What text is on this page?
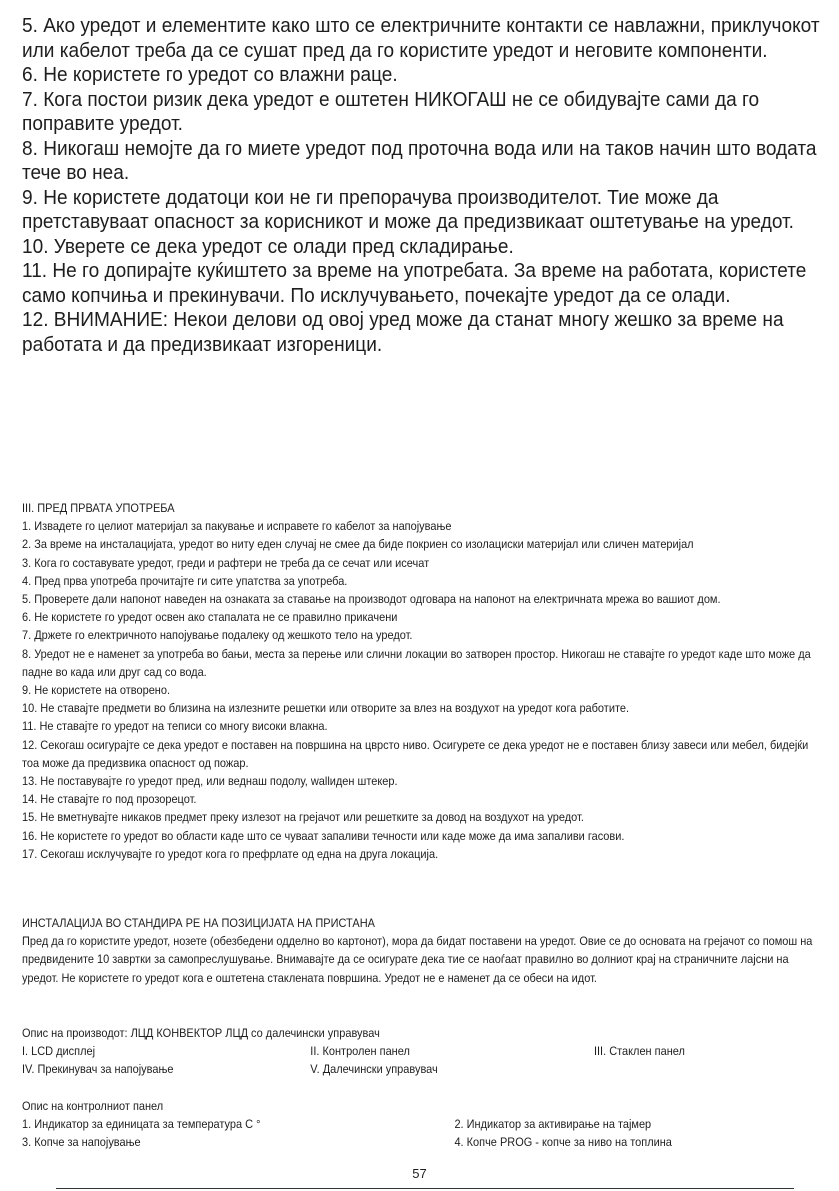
5. Ако уредот и елементите како што се електричните контакти се навлажни, приклучокот или кабелот треба да се сушат пред да го користите уредот и неговите компоненти.

6. Не користете го уредот со влажни раце.

7. Кога постои ризик дека уредот е оштетен НИКОГАШ не се обидувајте сами да го поправите уредот.

8. Никогаш немојте да го миете уредот под проточна вода или на таков начин што водата тече во неа.

9. Не користете додатоци кои не ги препорачува производителот. Тие може да претставуваат опасност за корисникот и може да предизвикаат оштетување на уредот.

10. Уверете се дека уредот се олади пред складирање.

11. Не го допирајте куќиштето за време на употребата. За време на работата, користете само копчиња и прекинувачи. По исклучувањето, почекајте уредот да се олади.

12. ВНИМАНИЕ: Некои делови од овој уред може да станат многу жешко за време на работата и да предизвикаат изгореници.

III. ПРЕД ПРВАТА УПОТРЕБА

1. Извадете го целиот материјал за пакување и исправете го кабелот за напојување

2. За време на инсталацијата, уредот во ниту еден случај не смее да биде покриен со изолациски материјал или сличен материјал

3. Кога го составувате уредот, греди и рафтери не треба да се сечат или исечат

4. Пред прва употреба прочитајте ги сите упатства за употреба.

5. Проверете дали напонот наведен на ознаката за ставање на производот одговара на напонот на електричната мрежа во вашиот дом.

6. Не користете го уредот освен ако стапалата не се правилно прикачени

7. Држете го електричното напојување подалеку од жешкото тело на уредот.

8. Уредот не е наменет за употреба во бањи, места за перење или слични локации во затворен простор. Никогаш не ставајте го уредот каде што може да падне во када или друг сад со вода.

9. Не користете на отворено.

10. Не ставајте предмети во близина на излезните решетки или отворите за влез на воздухот на уредот кога работите.

11. Не ставајте го уредот на теписи со многу високи влакна.

12. Секогаш осигурајте се дека уредот е поставен на површина на цврсто ниво. Осигурете се дека уредот не е поставен близу завеси или мебел, бидејќи тоа може да предизвика опасност од пожар.

13. Не поставувајте го уредот пред, или веднаш подолу, wallиден штекер.

14. Не ставајте го под прозорецот.

15. Не вметнувајте никаков предмет преку излезот на грејачот или решетките за довод на воздухот на уредот.

16. Не користете го уредот во области каде што се чуваат запаливи течности или каде може да има запаливи гасови.

17. Секогаш исклучувајте го уредот кога го префрлате од една на друга локација.

ИНСТАЛАЦИЈА ВО СТАНДИРА РЕ НА ПОЗИЦИЈАТА НА ПРИСТАНА

Пред да го користите уредот, нозете (обезбедени одделно во картонот), мора да бидат поставени на уредот. Овие се до основата на грејачот со помош на предвидените 10 завртки за самопреслушување. Внимавајте да се осигурате дека тие се наоѓаат правилно во долниот крај на страничните лајсни на уредот. Не користете го уредот кога е оштетена стаклената површина. Уредот не е наменет да се обеси на идот.

Опис на производот: ЛЦД КОНВЕКТОР ЛЦД со далечински управувач

I. LCD дисплеј	II. Контролен панел	III. Стаклен панел
IV. Прекинувач за напојување	V. Далечински управувач

Опис на контролниот панел

1. Индикатор за единицата за температура C °	2. Индикатор за активирање на тајмер
3. Копче за напојување	4. Копче PROG - копче за ниво на топлина
57
